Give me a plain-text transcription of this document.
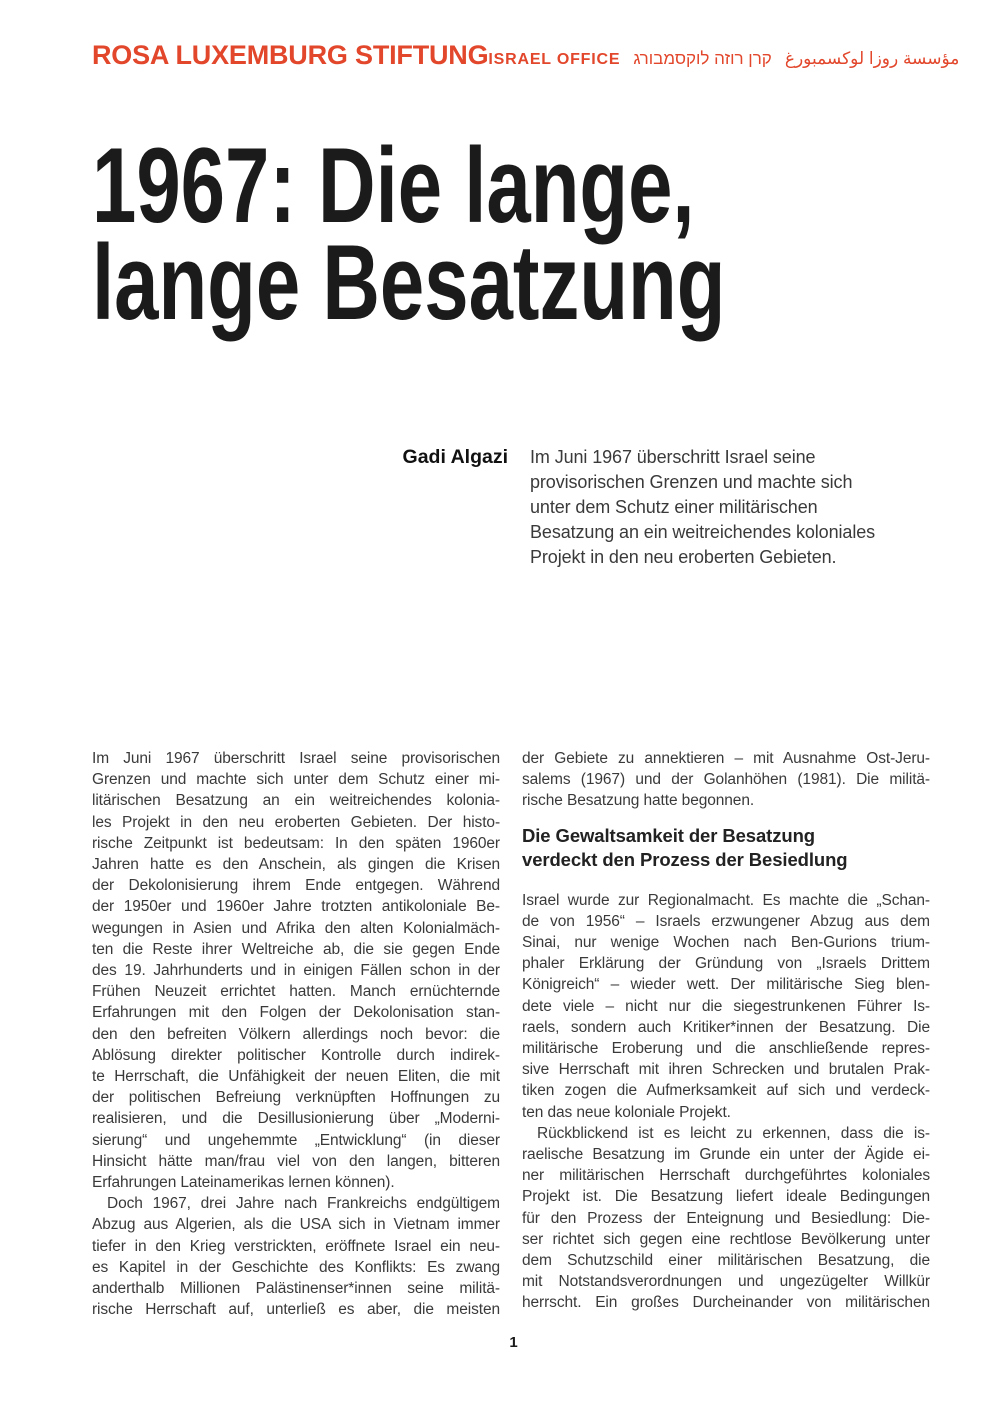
ROSA LUXEMBURG STIFTUNG ISRAEL OFFICE קרן רוזה לוקסמבורג مؤسسة روزا لوكسمبورغ
1967: Die lange,
lange Besatzung
Gadi Algazi Im Juni 1967 überschritt Israel seine
provisorischen Grenzen und machte sich
unter dem Schutz einer militärischen
Besatzung an ein weitreichendes koloniales
Projekt in den neu eroberten Gebieten.
Im Juni 1967 überschritt Israel seine provisorischen
Grenzen und machte sich unter dem Schutz einer mi-
litärischen Besatzung an ein weitreichendes kolonia-
les Projekt in den neu eroberten Gebieten. Der histo-
rische Zeitpunkt ist bedeutsam: In den späten 1960er
Jahren hatte es den Anschein, als gingen die Krisen
der Dekolonisierung ihrem Ende entgegen. Während
der 1950er und 1960er Jahre trotzten antikoloniale Be-
wegungen in Asien und Afrika den alten Kolonialmäch-
ten die Reste ihrer Weltreiche ab, die sie gegen Ende
des 19. Jahrhunderts und in einigen Fällen schon in der
Frühen Neuzeit errichtet hatten. Manch ernüchternde
Erfahrungen mit den Folgen der Dekolonisation stan-
den den befreiten Völkern allerdings noch bevor: die
Ablösung direkter politischer Kontrolle durch indirek-
te Herrschaft, die Unfähigkeit der neuen Eliten, die mit
der politischen Befreiung verknüpften Hoffnungen zu
realisieren, und die Desillusionierung über „Moderni-
sierung“ und ungehemmte „Entwicklung“ (in dieser
Hinsicht hätte man/frau viel von den langen, bitteren
Erfahrungen Lateinamerikas lernen können).
Doch 1967, drei Jahre nach Frankreichs endgültigem
Abzug aus Algerien, als die USA sich in Vietnam immer
tiefer in den Krieg verstrickten, eröffnete Israel ein neu-
es Kapitel in der Geschichte des Konflikts: Es zwang
anderthalb Millionen Palästinenser*innen seine militä-
rische Herrschaft auf, unterließ es aber, die meisten
der Gebiete zu annektieren – mit Ausnahme Ost-Jeru-
salems (1967) und der Golanhöhen (1981). Die militä-
rische Besatzung hatte begonnen.
Die Gewaltsamkeit der Besatzung
verdeckt den Prozess der Besiedlung
Israel wurde zur Regionalmacht. Es machte die „Schan-
de von 1956“ – Israels erzwungener Abzug aus dem
Sinai, nur wenige Wochen nach Ben-Gurions trium-
phaler Erklärung der Gründung von „Israels Drittem
Königreich“ – wieder wett. Der militärische Sieg blen-
dete viele – nicht nur die siegestrunkenen Führer Is-
raels, sondern auch Kritiker*innen der Besatzung. Die
militärische Eroberung und die anschließende repres-
sive Herrschaft mit ihren Schrecken und brutalen Prak-
tiken zogen die Aufmerksamkeit auf sich und verdeck-
ten das neue koloniale Projekt.
Rückblickend ist es leicht zu erkennen, dass die is-
raelische Besatzung im Grunde ein unter der Ägide ei-
ner militärischen Herrschaft durchgeführtes koloniales
Projekt ist. Die Besatzung liefert ideale Bedingungen
für den Prozess der Enteignung und Besiedlung: Die-
ser richtet sich gegen eine rechtlose Bevölkerung unter
dem Schutzschild einer militärischen Besatzung, die
mit Notstandsverordnungen und ungezügelter Willkür
herrscht. Ein großes Durcheinander von militärischen
1
